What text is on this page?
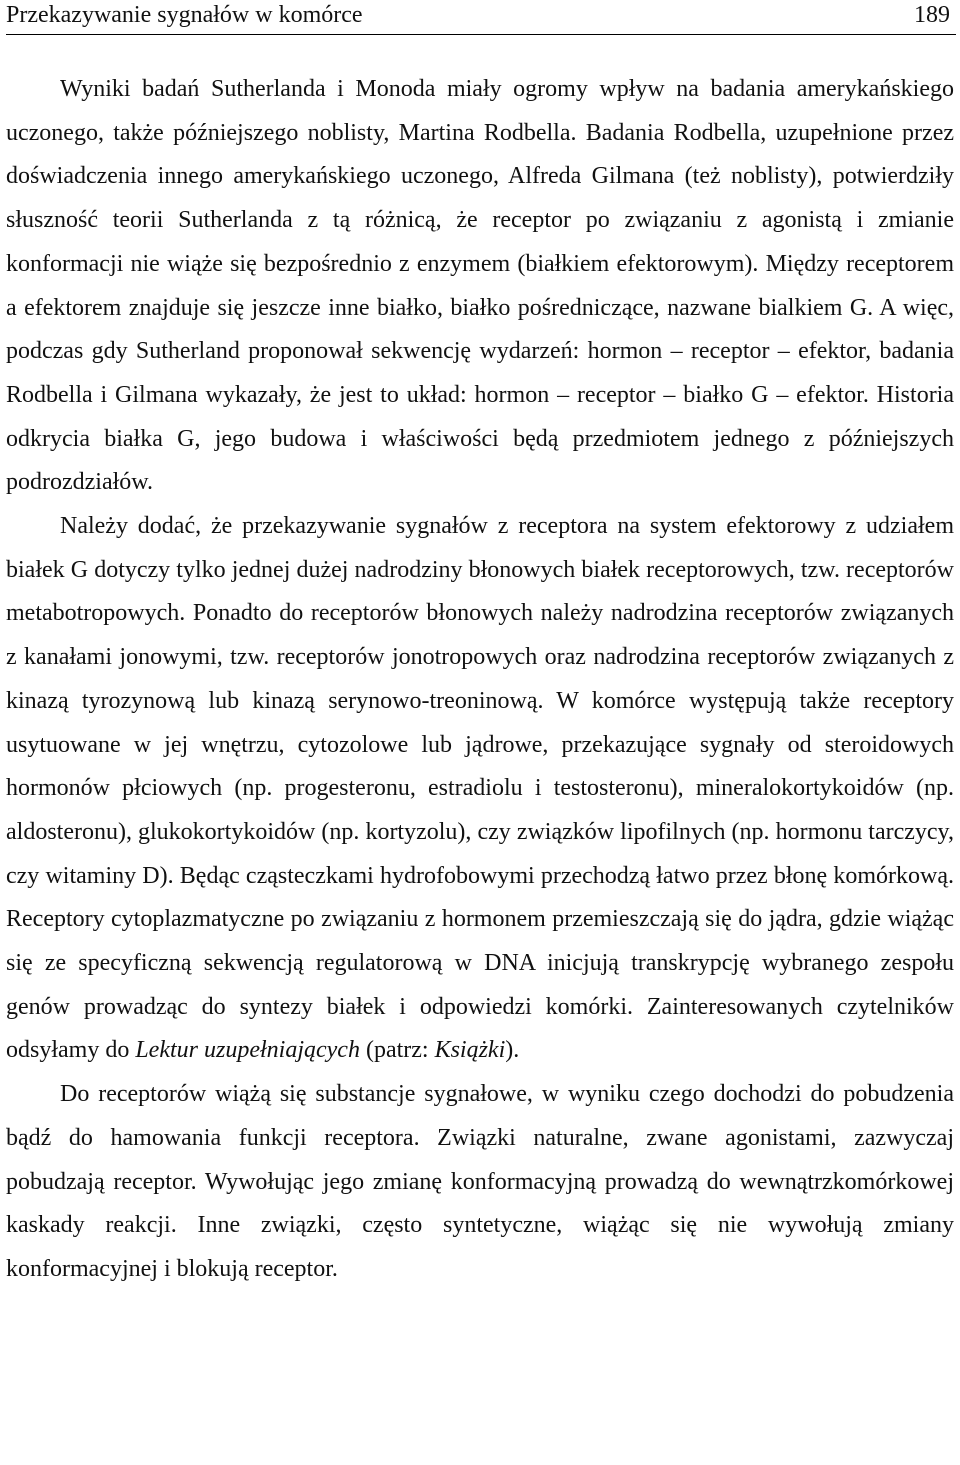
Przekazywanie sygnałów w komórce	189

Wyniki badań Sutherlanda i Monoda miały ogromy wpływ na badania amerykańskiego uczonego, także późniejszego noblisty, Martina Rodbella. Badania Rodbella, uzupełnione przez doświadczenia innego amerykańskiego uczonego, Alfreda Gilmana (też noblisty), potwierdziły słuszność teorii Sutherlanda z tą różnicą, że receptor po związaniu z agonistą i zmianie konformacji nie wiąże się bezpośrednio z enzymem (białkiem efektorowym). Między receptorem a efektorem znajduje się jeszcze inne białko, białko pośredniczące, nazwane bialkiem G. A więc, podczas gdy Sutherland proponował sekwencję wydarzeń: hormon – receptor – efektor, badania Rodbella i Gilmana wykazały, że jest to układ: hormon – receptor – białko G – efektor. Historia odkrycia białka G, jego budowa i właściwości będą przedmiotem jednego z późniejszych podrozdziałów.

Należy dodać, że przekazywanie sygnałów z receptora na system efektorowy z udziałem białek G dotyczy tylko jednej dużej nadrodziny błonowych białek receptorowych, tzw. receptorów metabotropowych. Ponadto do receptorów błonowych należy nadrodzina receptorów związanych z kanałami jonowymi, tzw. receptorów jonotropowych oraz nadrodzina receptorów związanych z kinazą tyrozynową lub kinazą serynowo-treoninową. W komórce występują także receptory usytuowane w jej wnętrzu, cytozolowe lub jądrowe, przekazujące sygnały od steroidowych hormonów płciowych (np. progesteronu, estradiolu i testosteronu), mineralokortykoidów (np. aldosteronu), glukokortykoidów (np. kortyzolu), czy związków lipofilnych (np. hormonu tarczycy, czy witaminy D). Będąc cząsteczkami hydrofobowymi przechodzą łatwo przez błonę komórkową. Receptory cytoplazmatyczne po związaniu z hormonem przemieszczają się do jądra, gdzie wiążąc się ze specyficzną sekwencją regulatorową w DNA inicjują transkrypcję wybranego zespołu genów prowadząc do syntezy białek i odpowiedzi komórki. Zainteresowanych czytelników odsyłamy do Lektur uzupełniających (patrz: Książki).

Do receptorów wiążą się substancje sygnałowe, w wyniku czego dochodzi do pobudzenia bądź do hamowania funkcji receptora. Związki naturalne, zwane agonistami, zazwyczaj pobudzają receptor. Wywołując jego zmianę konformacyjną prowadzą do wewnątrzkomórkowej kaskady reakcji. Inne związki, często syntetyczne, wiążąc się nie wywołują zmiany konformacyjnej i blokują receptor.
